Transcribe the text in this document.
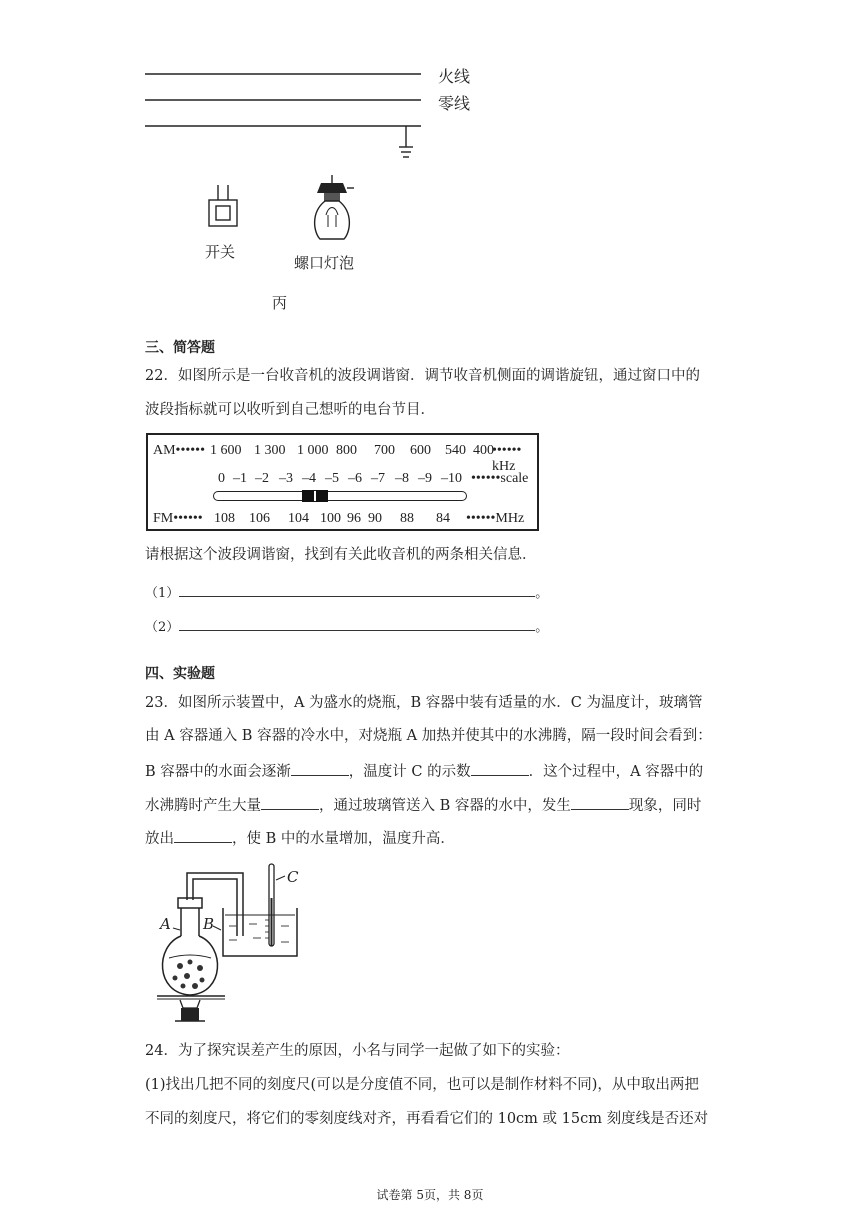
火线
零线
开关
螺口灯泡
丙
三、简答题
22．如图所示是一台收音机的波段调谐窗．调节收音机侧面的调谐旋钮，通过窗口中的
波段指标就可以收听到自己想听的电台节目．
AM•••••• 1 600 1 300 1 000 800 700 600 540 400
•••••• kHz
0 –1 –2 –3 –4 –5 –6 –7 –8 –9 –10 ••••••scale
FM•••••• 108 106 104 100 96 90 88 84 ••••••MHz
请根据这个波段调谐窗，找到有关此收音机的两条相关信息．
（1）	。
（2）	。
四、实验题
23．如图所示装置中，A 为盛水的烧瓶，B 容器中装有适量的水．C 为温度计，玻璃管
由 A 容器通入 B 容器的冷水中，对烧瓶 A 加热并使其中的水沸腾，隔一段时间会看到：
B 容器中的水面会逐渐	，温度计 C 的示数	．这个过程中，A 容器中的
水沸腾时产生大量	，通过玻璃管送入 B 容器的水中，发生	现象，同时
放出	，使 B 中的水量增加，温度升高．
A B
C
24．为了探究误差产生的原因，小名与同学一起做了如下的实验：
(1)找出几把不同的刻度尺(可以是分度值不同，也可以是制作材料不同)，从中取出两把
不同的刻度尺，将它们的零刻度线对齐，再看看它们的 10cm 或 15cm 刻度线是否还对
试卷第 5页，共 8页
